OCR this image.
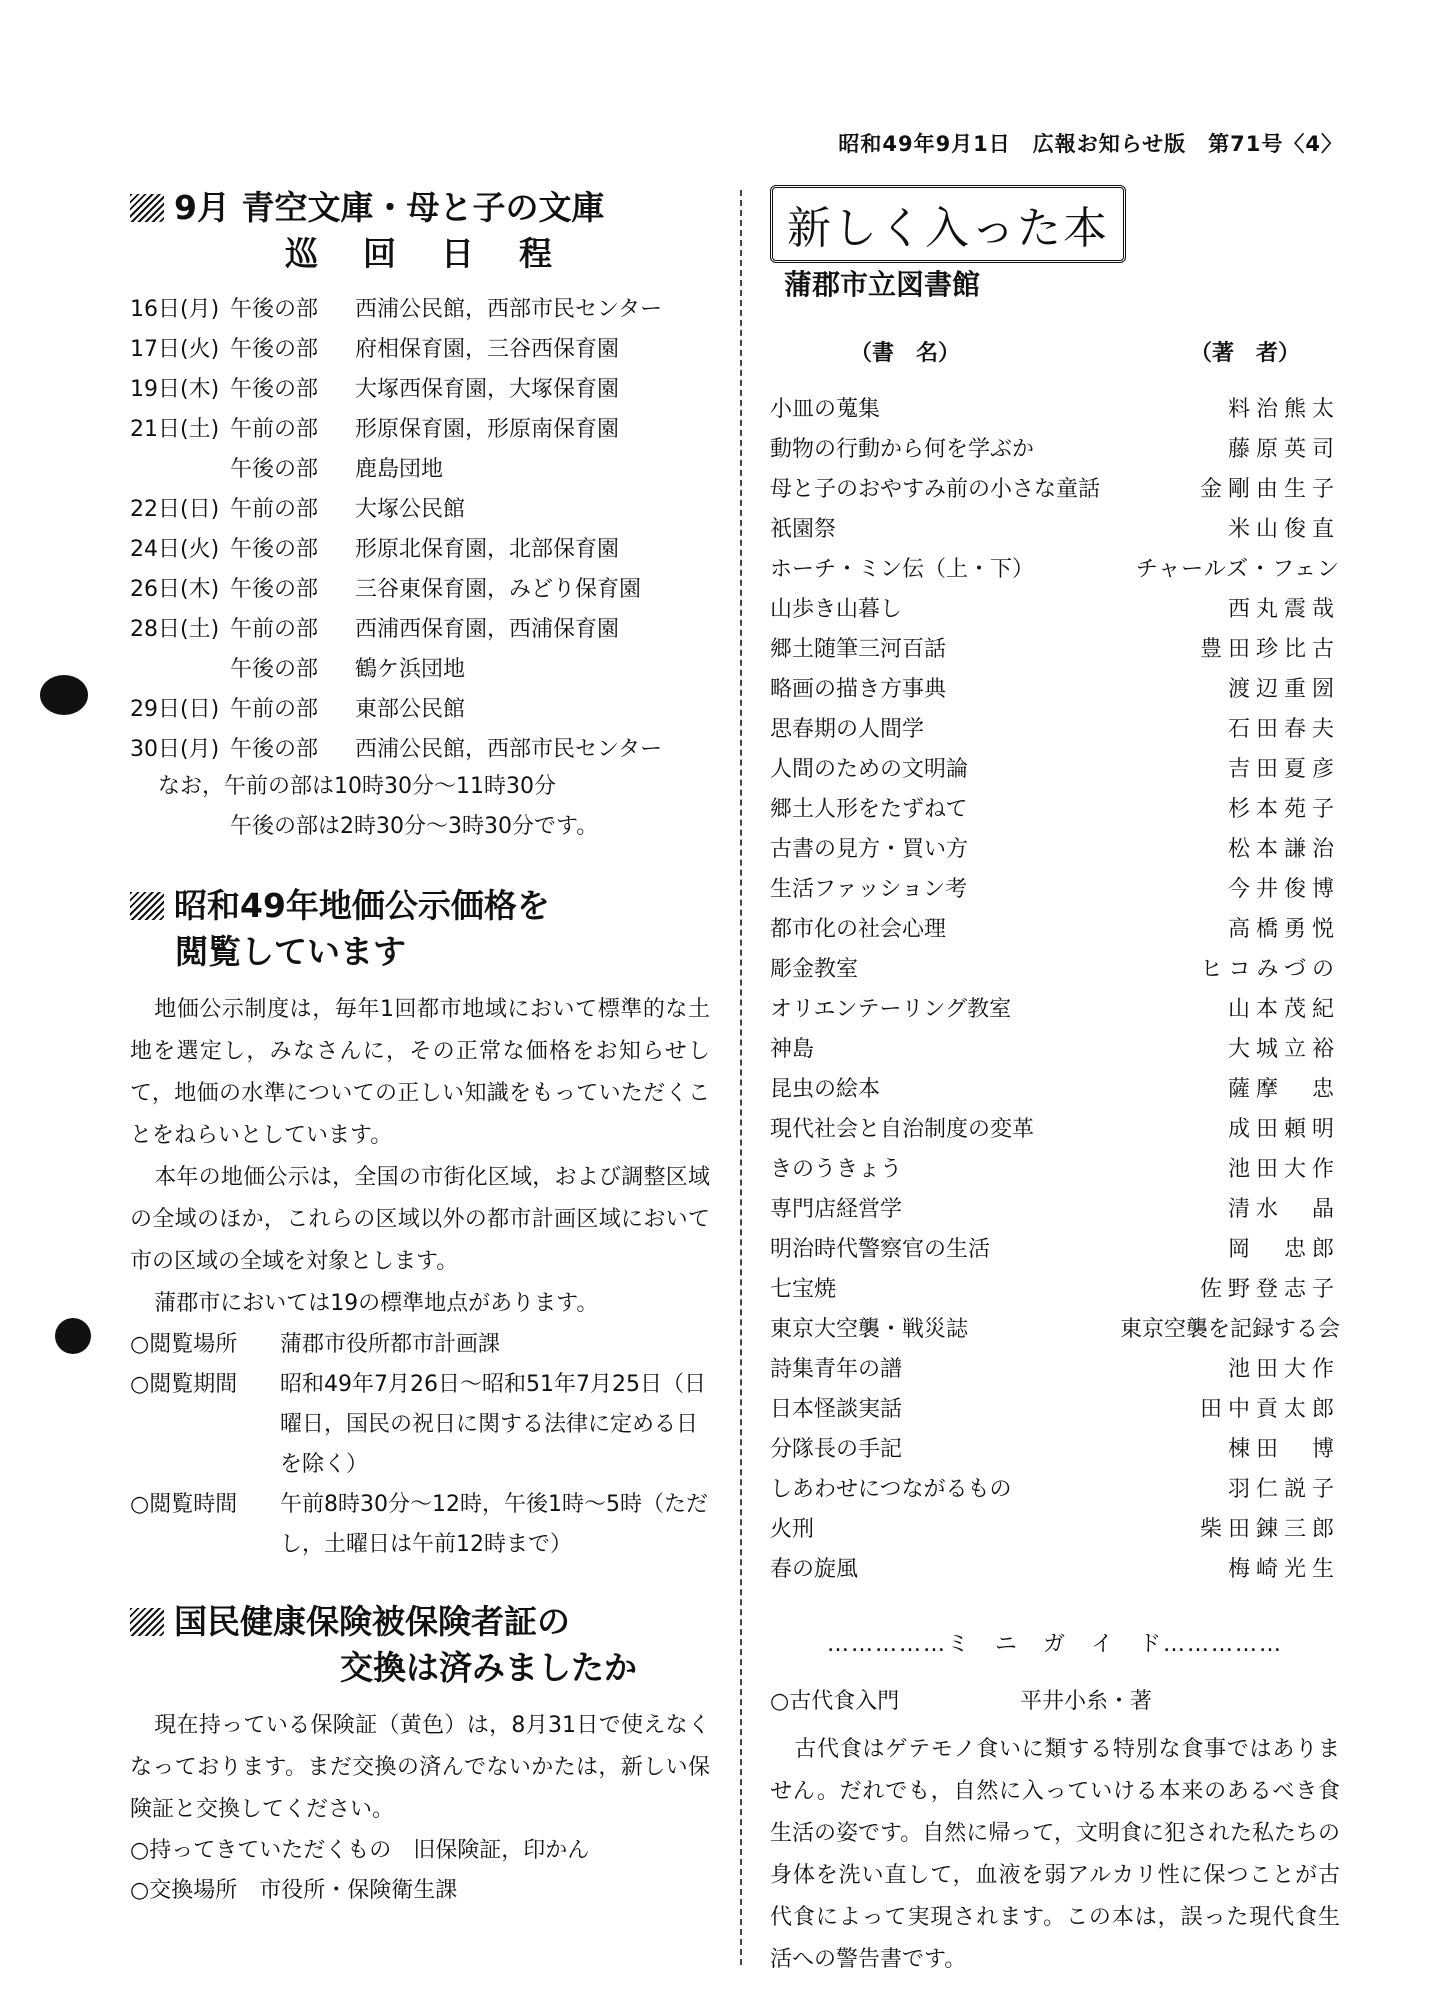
昭和49年9月1日　広報お知らせ版　第71号〈4〉
9月 青空文庫・母と子の文庫
巡　回　日　程
16日(月) 午後の部	西浦公民館，西部市民センター
17日(火) 午後の部	府相保育園，三谷西保育園
19日(木) 午後の部	大塚西保育園，大塚保育園
21日(土) 午前の部	形原保育園，形原南保育園
午後の部	鹿島団地
22日(日) 午前の部	大塚公民館
24日(火) 午後の部	形原北保育園，北部保育園
26日(木) 午後の部	三谷東保育園，みどり保育園
28日(土) 午前の部	西浦西保育園，西浦保育園
午後の部	鶴ケ浜団地
29日(日) 午前の部	東部公民館
30日(月) 午後の部	西浦公民館，西部市民センター
なお，午前の部は10時30分～11時30分
午後の部は2時30分～3時30分です。
昭和49年地価公示価格を
閲覧しています

地価公示制度は，毎年1回都市地域において標準的な土地を選定し，みなさんに，その正常な価格をお知らせして，地価の水準についての正しい知識をもっていただくことをねらいとしています。

本年の地価公示は，全国の市街化区域，および調整区域の全域のほか，これらの区域以外の都市計画区域において市の区域の全域を対象とします。

蒲郡市においては19の標準地点があります。

○閲覧場所	蒲郡市役所都市計画課
○閲覧期間	昭和49年7月26日～昭和51年7月25日（日曜日，国民の祝日に関する法律に定める日を除く）
○閲覧時間	午前8時30分～12時，午後1時～5時（ただし，土曜日は午前12時まで）
国民健康保険被保険者証の
交換は済みましたか

現在持っている保険証（黄色）は，8月31日で使えなくなっております。まだ交換の済んでないかたは，新しい保険証と交換してください。

○持ってきていただくもの　旧保険証，印かん
○交換場所　市役所・保険衛生課
新しく入った本 蒲郡市立図書館
（書　名）	（著　者）
小皿の蒐集	料治熊太
動物の行動から何を学ぶか	藤原英司
母と子のおやすみ前の小さな童話	金剛由生子
祇園祭	米山俊直
ホーチ・ミン伝（上・下）	チャールズ・フェン
山歩き山暮し	西丸震哉
郷土随筆三河百話	豊田珍比古
略画の描き方事典	渡辺重圀
思春期の人間学	石田春夫
人間のための文明論	吉田夏彦
郷土人形をたずねて	杉本苑子
古書の見方・買い方	松本謙治
生活ファッション考	今井俊博
都市化の社会心理	高橋勇悦
彫金教室	ヒコみづの
オリエンテーリング教室	山本茂紀
神島	大城立裕
昆虫の絵本	薩摩　忠
現代社会と自治制度の変革	成田頼明
きのうきょう	池田大作
専門店経営学	清水　晶
明治時代警察官の生活	岡　忠郎
七宝焼	佐野登志子
東京大空襲・戦災誌	東京空襲を記録する会
詩集青年の譜	池田大作
日本怪談実話	田中貢太郎
分隊長の手記	棟田　博
しあわせにつながるもの	羽仁説子
火刑	柴田錬三郎
春の旋風	梅崎光生
……………ミ　ニ　ガ　イ　ド……………
○古代食入門	平井小糸・著

古代食はゲテモノ食いに類する特別な食事ではありません。だれでも，自然に入っていける本来のあるべき食生活の姿です。自然に帰って，文明食に犯された私たちの身体を洗い直して，血液を弱アルカリ性に保つことが古代食によって実現されます。この本は，誤った現代食生活への警告書です。
